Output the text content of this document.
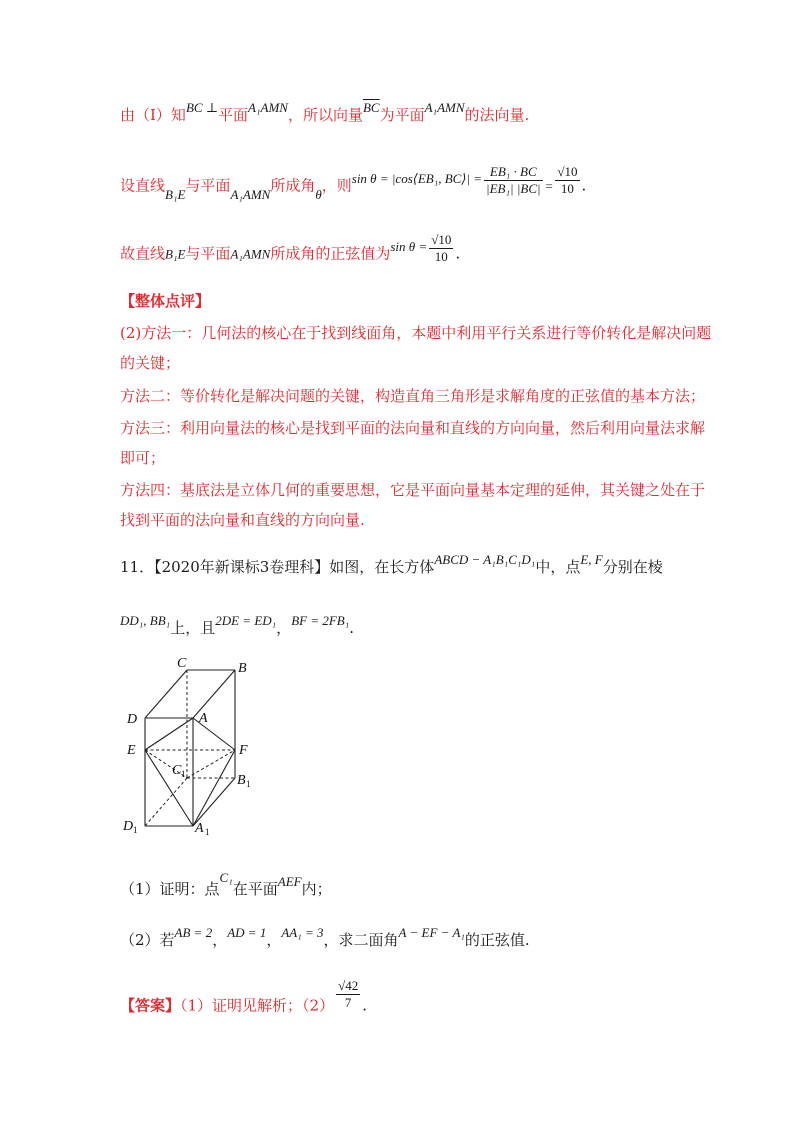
由（Ⅰ）知BC ⊥平面A₁AMN，所以向量$\overline{BC}$为平面A₁AMN的法向量.
设直线B₁E与平面A₁AMN所成角θ，则sin θ = |cos⟨EB₁, BC⟩| = $\frac{\text{EB₁ · BC}}{\text{|EB₁| |BC|}} = \frac{√10}{10}$ .
故直线B₁E与平面A₁AMN所成角的正弦值为$\sin \theta = \frac{√10}{10}$ .
【整体点评】
(2)方法一：几何法的核心在于找到线面角，本题中利用平行关系进行等价转化是解决问题
的关键；
方法二：等价转化是解决问题的关键，构造直角三角形是求解角度的正弦值的基本方法；
方法三：利用向量法的核心是找到平面的法向量和直线的方向向量，然后利用向量法求解
即可；
方法四：基底法是立体几何的重要思想，它是平面向量基本定理的延伸，其关键之处在于
找到平面的法向量和直线的方向向量.
11．【2020年新课标3卷理科】如图，在长方体ABCD − A₁B₁C₁D₁中，点E, F分别在棱
DD₁, BB₁上，且2DE = ED₁，BF = 2FB₁.
C	B
D	A
E	F
C 1	B 1
D 1	A 1
（1）证明：点C₁在平面AEF内；
（2）若AB = 2，AD = 1，AA₁ = 3，求二面角A − EF − A₁的正弦值.
【答案】（1）证明见解析；$(2) \frac{√42}{7}$ .
